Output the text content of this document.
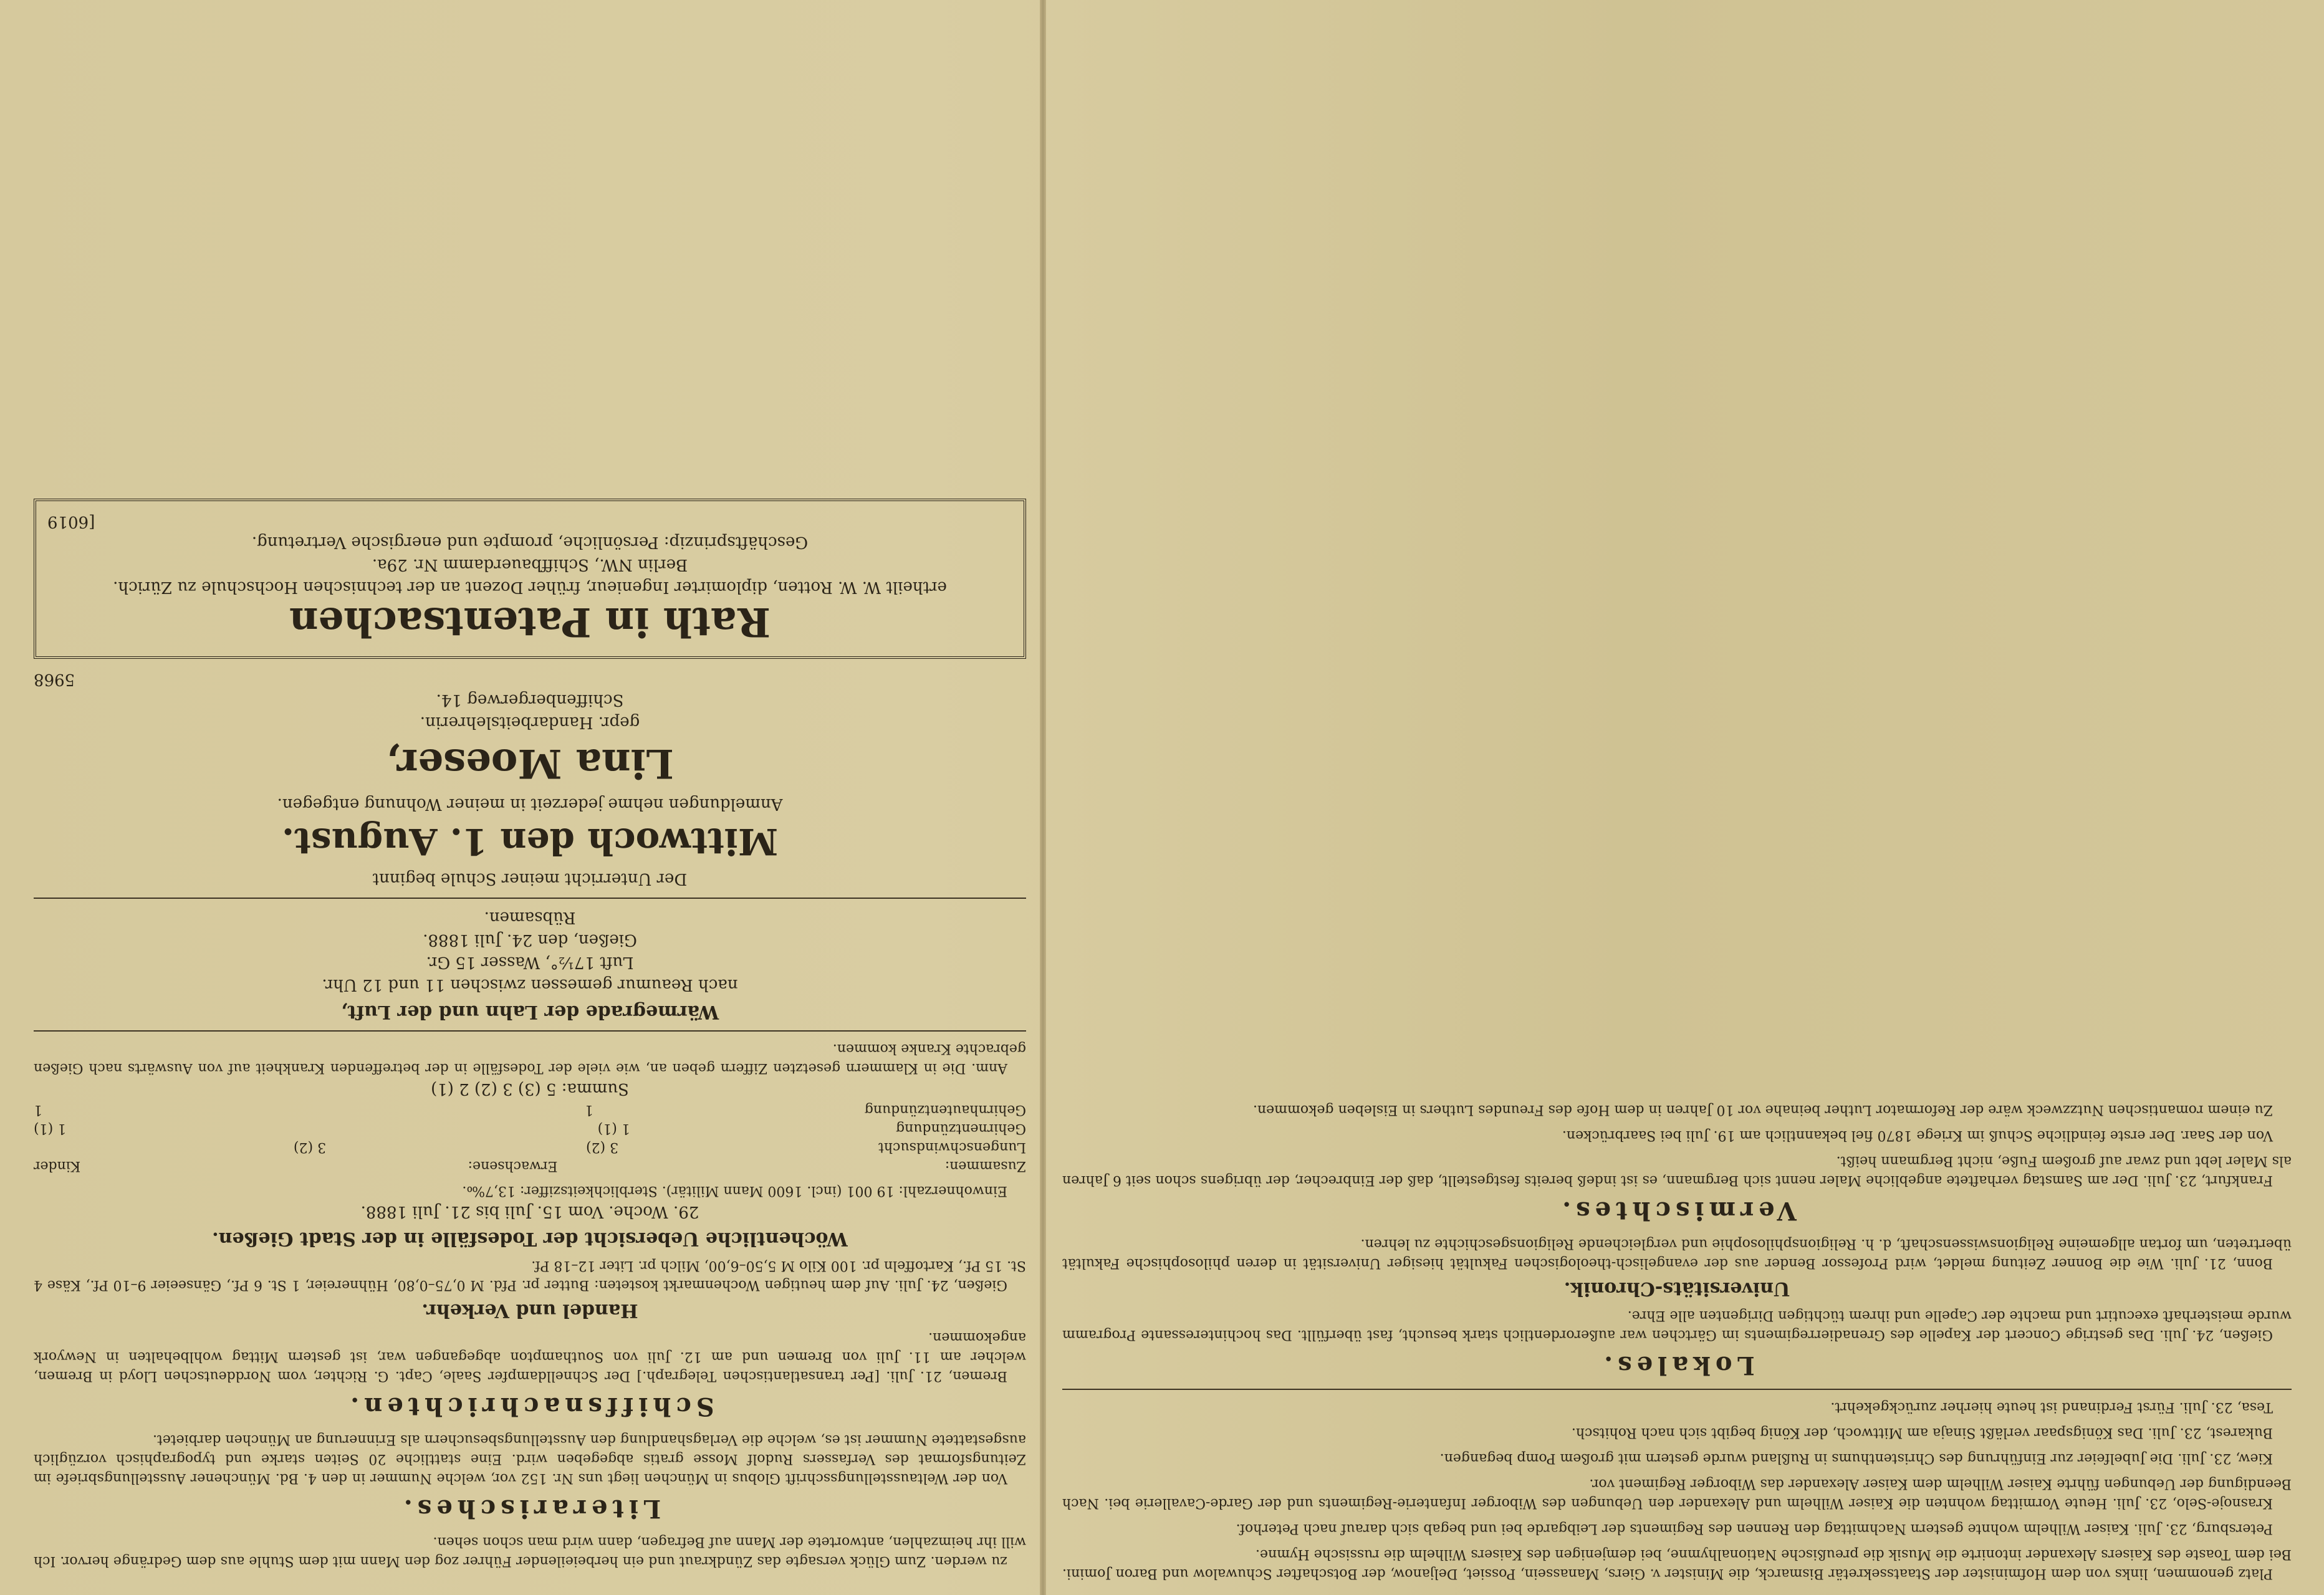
zu werden. Zum Glück versagte das Zündkraut und ein herbeieilender Führer zog den Mann mit dem Stuhle aus dem Gedränge hervor. Ich will ihr heimzahlen, antwortete der Mann auf Befragen, dann wird man schon sehen.

Literarisches.

Von der Weltausstellungsschrift Globus in München liegt uns Nr. 152 vor, welche Nummer in den 4. Bd. Münchener Ausstellungsbriefe im Zeitungsformat des Verfassers Rudolf Mosse gratis abgegeben wird. Eine stattliche 20 Seiten starke und typographisch vorzüglich ausgestattete Nummer ist es, welche die Verlagshandlung den Ausstellungsbesuchern als Erinnerung an München darbietet.

Schiffsnachrichten.

Bremen, 21. Juli. [Per transatlantischen Telegraph.] Der Schnelldampfer Saale, Capt. G. Richter, vom Norddeutschen Lloyd in Bremen, welcher am 11. Juli von Bremen und am 12. Juli von Southampton abgegangen war, ist gestern Mittag wohlbehalten in Newyork angekommen.

Handel und Verkehr.

Gießen, 24. Juli. Auf dem heutigen Wochenmarkt kosteten: Butter pr. Pfd. M 0,75–0,80, Hühnereier, 1 St. 6 Pf., Gänseeier 9–10 Pf., Käse 4 St. 15 Pf., Kartoffeln pr. 100 Kilo M 5,50–6,00, Milch pr. Liter 12–18 Pf.

Wöchentliche Uebersicht der Todesfälle in der Stadt Gießen.
29. Woche. Vom 15. Juli bis 21. Juli 1888.

Einwohnerzahl: 19 001 (incl. 1600 Mann Militär). Sterblichkeitsziffer: 13,7‰.

Zusammen:
Erwachsene:
Kinder
Lungenschwindsucht
3 (2)
3 (2)
Gehirnentzündung
1 (1)
1 (1)
Gehirnhautentzündung
1
1
Summa: 5 (3) 3 (2) 2 (1)

Anm. Die in Klammern gesetzten Ziffern geben an, wie viele der Todesfälle in der betreffenden Krankheit auf von Auswärts nach Gießen gebrachte Kranke kommen.

Wärmegrade der Lahn und der Luft,
nach Reaumur gemessen zwischen 11 und 12 Uhr.
Luft 17½°, Wasser 15 Gr.
Gießen, den 24. Juli 1888.
Rübsamen.
Der Unterricht meiner Schule beginnt
Mittwoch den 1. August.
Anmeldungen nehme jederzeit in meiner Wohnung entgegen.
Lina Moeser,
gepr. Handarbeitslehrerin.
Schiffenbergerweg 14.
5968
Rath in Patentsachen
ertheilt W. W. Rotten, diplomirter Ingenieur, früher Dozent an der technischen Hochschule zu Zürich.
Berlin NW., Schiffbauerdamm Nr. 29a.
Geschäftsprinzip: Persönliche, prompte und energische Vertretung.
[6019

Platz genommen, links von dem Hofminister der Staatssekretär Bismarck, die Minister v. Giers, Manassein, Possiet, Deljanow, der Botschafter Schuwalow und Baron Jomini. Bei dem Toaste des Kaisers Alexander intonirte die Musik die preußische Nationalhymne, bei demjenigen des Kaisers Wilhelm die russische Hymne.

Petersburg, 23. Juli. Kaiser Wilhelm wohnte gestern Nachmittag den Rennen des Regiments der Leibgarde bei und begab sich darauf nach Peterhof.

Krasnoje-Selo, 23. Juli. Heute Vormittag wohnten die Kaiser Wilhelm und Alexander den Uebungen des Wiborger Infanterie-Regiments und der Garde-Cavallerie bei. Nach Beendigung der Uebungen führte Kaiser Wilhelm dem Kaiser Alexander das Wiborger Regiment vor.

Kiew, 23. Juli. Die Jubelfeier zur Einführung des Christenthums in Rußland wurde gestern mit großem Pomp begangen.

Bukarest, 23. Juli. Das Königspaar verläßt Sinaja am Mittwoch, der König begibt sich nach Rohitsch.

Tesa, 23. Juli. Fürst Ferdinand ist heute hierher zurückgekehrt.

Lokales.

Gießen, 24. Juli. Das gestrige Concert der Kapelle des Grenadierregiments im Gärtchen war außerordentlich stark besucht, fast überfüllt. Das hochinteressante Programm wurde meisterhaft executirt und machte der Capelle und ihrem tüchtigen Dirigenten alle Ehre.

Universitäts-Chronik.

Bonn, 21. Juli. Wie die Bonner Zeitung meldet, wird Professor Bender aus der evangelisch-theologischen Fakultät hiesiger Universität in deren philosophische Fakultät übertreten, um fortan allgemeine Religionswissenschaft, d. h. Religionsphilosophie und vergleichende Religionsgeschichte zu lehren.

Vermischtes.

Frankfurt, 23. Juli. Der am Samstag verhaftete angebliche Maler nennt sich Bergmann, es ist indeß bereits festgestellt, daß der Einbrecher, der übrigens schon seit 6 Jahren als Maler lebt und zwar auf großem Fuße, nicht Bergmann heißt.

Von der Saar. Der erste feindliche Schuß im Kriege 1870 fiel bekanntlich am 19. Juli bei Saarbrücken.

Zu einem romantischen Nutzzweck wäre der Reformator Luther beinahe vor 10 Jahren in dem Hofe des Freundes Luthers in Eisleben gekommen.
